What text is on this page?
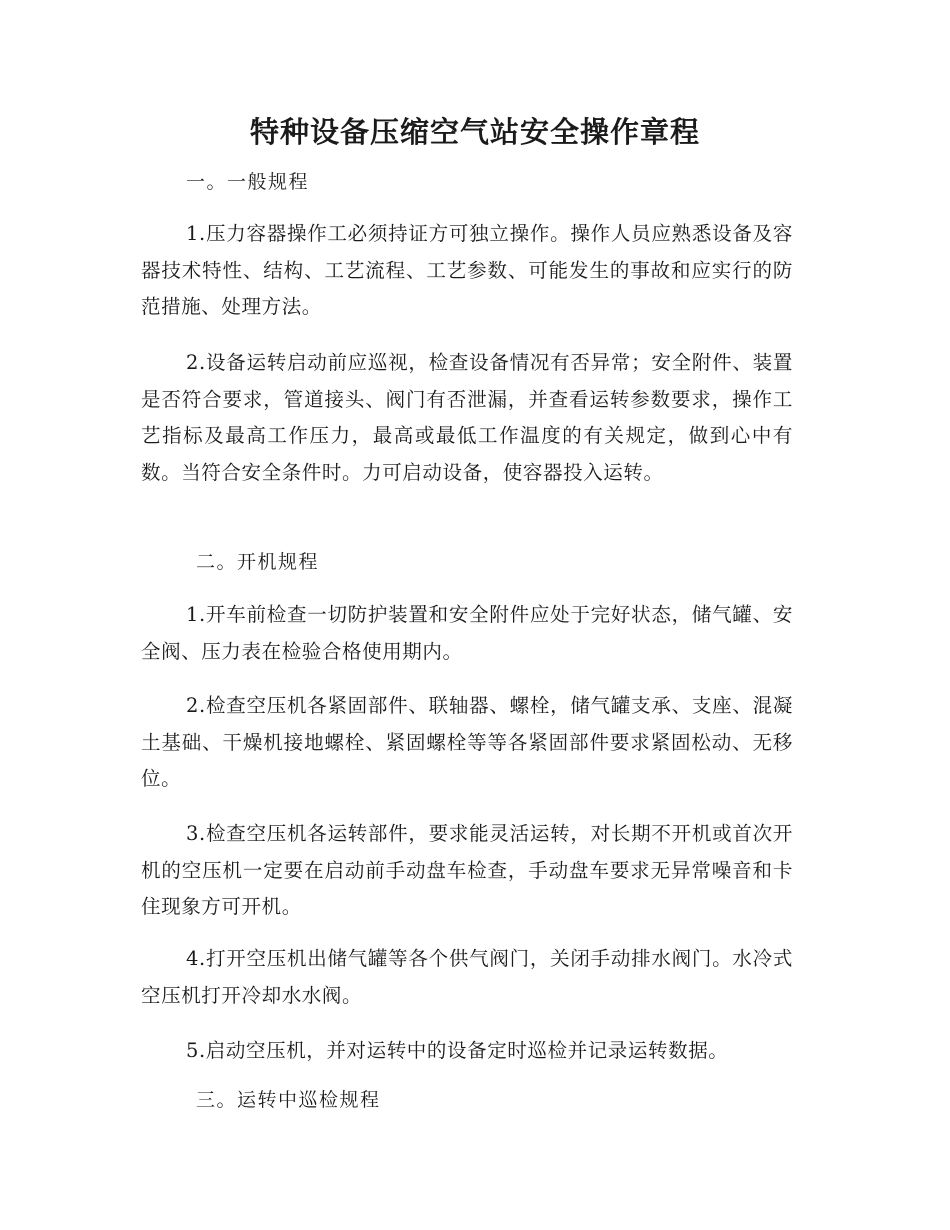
特种设备压缩空气站安全操作章程

一。一般规程

1.压力容器操作工必须持证方可独立操作。操作人员应熟悉设备及容器技术特性、结构、工艺流程、工艺参数、可能发生的事故和应实行的防范措施、处理方法。

2.设备运转启动前应巡视，检查设备情况有否异常；安全附件、装置是否符合要求，管道接头、阀门有否泄漏，并查看运转参数要求，操作工艺指标及最高工作压力，最高或最低工作温度的有关规定，做到心中有数。当符合安全条件时。力可启动设备，使容器投入运转。

二。开机规程

1.开车前检查一切防护装置和安全附件应处于完好状态，储气罐、安全阀、压力表在检验合格使用期内。

2.检查空压机各紧固部件、联轴器、螺栓，储气罐支承、支座、混凝土基础、干燥机接地螺栓、紧固螺栓等等各紧固部件要求紧固松动、无移位。

3.检查空压机各运转部件，要求能灵活运转，对长期不开机或首次开机的空压机一定要在启动前手动盘车检查，手动盘车要求无异常噪音和卡住现象方可开机。

4.打开空压机出储气罐等各个供气阀门，关闭手动排水阀门。水冷式空压机打开冷却水水阀。

5.启动空压机，并对运转中的设备定时巡检并记录运转数据。

三。运转中巡检规程
